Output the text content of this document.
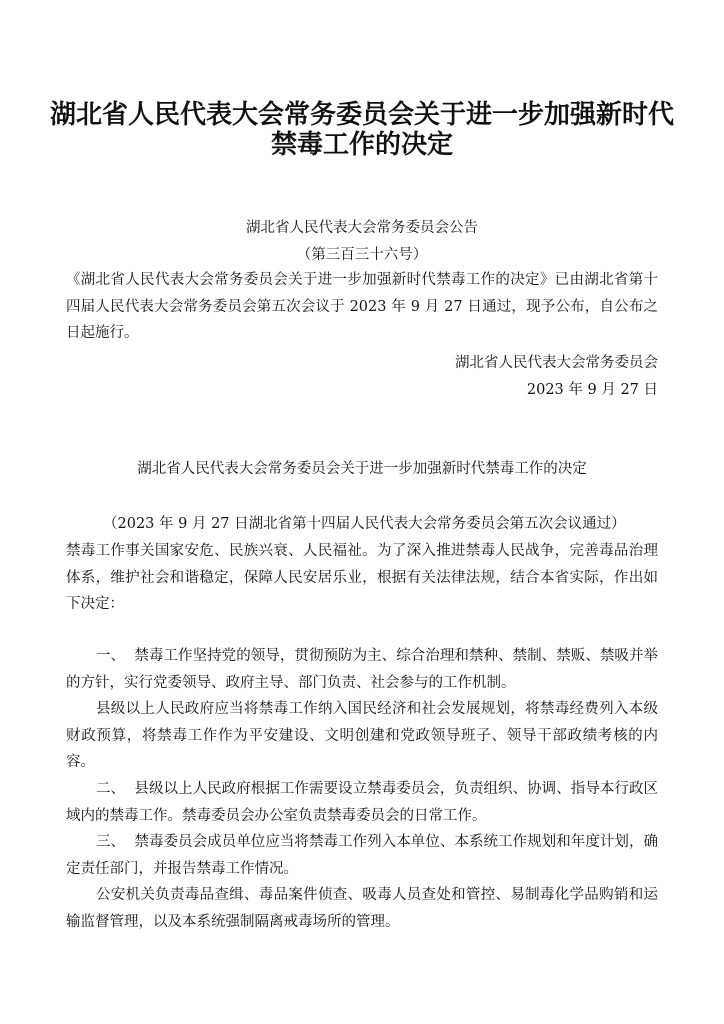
湖北省人民代表大会常务委员会关于进一步加强新时代禁毒工作的决定
湖北省人民代表大会常务委员会公告
（第三百三十六号）
《湖北省人民代表大会常务委员会关于进一步加强新时代禁毒工作的决定》已由湖北省第十四届人民代表大会常务委员会第五次会议于 2023 年 9 月 27 日通过，现予公布，自公布之日起施行。
湖北省人民代表大会常务委员会
2023 年 9 月 27 日
湖北省人民代表大会常务委员会关于进一步加强新时代禁毒工作的决定
（2023 年 9 月 27 日湖北省第十四届人民代表大会常务委员会第五次会议通过）
禁毒工作事关国家安危、民族兴衰、人民福祉。为了深入推进禁毒人民战争，完善毒品治理体系，维护社会和谐稳定，保障人民安居乐业，根据有关法律法规，结合本省实际，作出如下决定：
一、 禁毒工作坚持党的领导，贯彻预防为主、综合治理和禁种、禁制、禁贩、禁吸并举的方针，实行党委领导、政府主导、部门负责、社会参与的工作机制。
县级以上人民政府应当将禁毒工作纳入国民经济和社会发展规划，将禁毒经费列入本级财政预算，将禁毒工作作为平安建设、文明创建和党政领导班子、领导干部政绩考核的内容。
二、 县级以上人民政府根据工作需要设立禁毒委员会，负责组织、协调、指导本行政区域内的禁毒工作。禁毒委员会办公室负责禁毒委员会的日常工作。
三、 禁毒委员会成员单位应当将禁毒工作列入本单位、本系统工作规划和年度计划，确定责任部门，并报告禁毒工作情况。
公安机关负责毒品查缉、毒品案件侦查、吸毒人员查处和管控、易制毒化学品购销和运输监督管理，以及本系统强制隔离戒毒场所的管理。
